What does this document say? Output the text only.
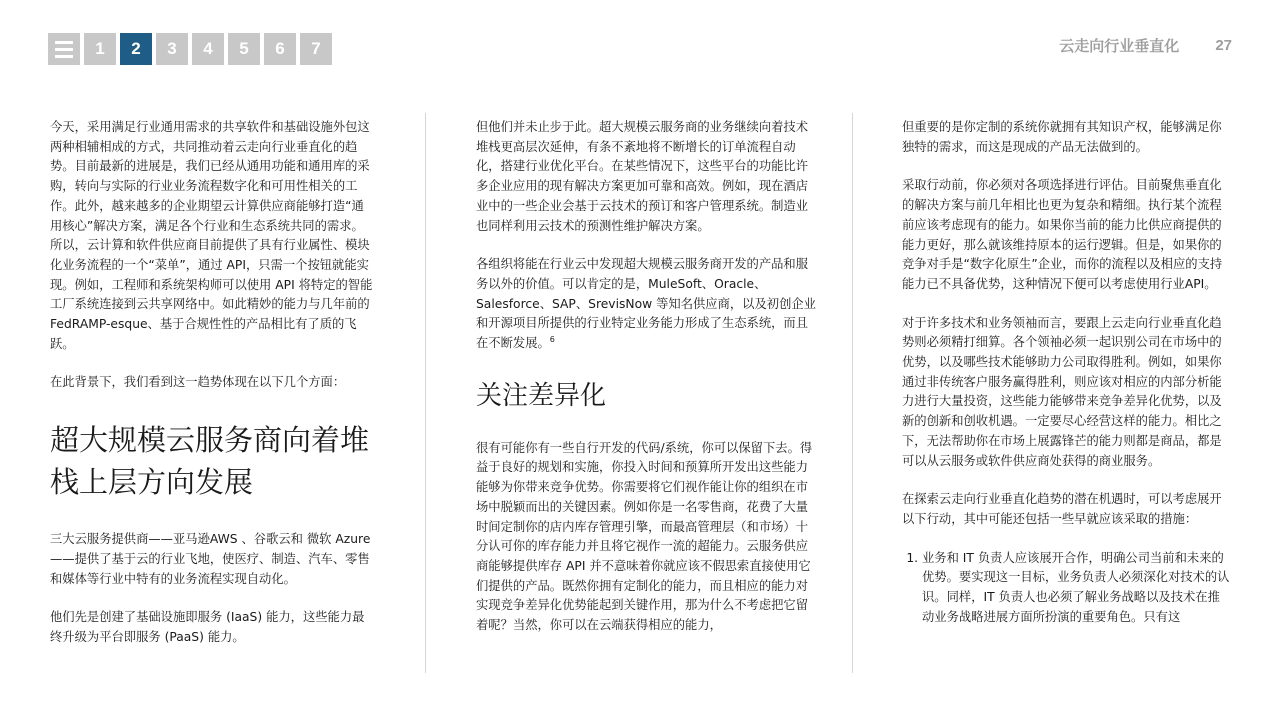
1	2	3	4	5	6	7	云走向行业垂直化 27

今天，采用满足行业通用需求的共享软件和基础设施外包这两种相辅相成的方式，共同推动着云走向行业垂直化的趋势。目前最新的进展是，我们已经从通用功能和通用库的采购，转向与实际的行业业务流程数字化和可用性相关的工作。此外，越来越多的企业期望云计算供应商能够打造“通用核心”解决方案，满足各个行业和生态系统共同的需求。所以，云计算和软件供应商目前提供了具有行业属性、模块化业务流程的一个“菜单”，通过 API，只需一个按钮就能实现。例如，工程师和系统架构师可以使用 API 将特定的智能工厂系统连接到云共享网络中。如此精妙的能力与几年前的FedRAMP-esque、基于合规性性的产品相比有了质的飞跃。

在此背景下，我们看到这一趋势体现在以下几个方面：

超大规模云服务商向着堆栈上层方向发展

三大云服务提供商——亚马逊AWS 、谷歌云和 微软 Azure——提供了基于云的行业飞地，使医疗、制造、汽车、零售和媒体等行业中特有的业务流程实现自动化。

他们先是创建了基础设施即服务 (IaaS) 能力，这些能力最终升级为平台即服务 (PaaS) 能力。

但他们并未止步于此。超大规模云服务商的业务继续向着技术堆栈更高层次延伸，有条不紊地将不断增长的订单流程自动化，搭建行业优化平台。在某些情况下，这些平台的功能比许多企业应用的现有解决方案更加可靠和高效。例如，现在酒店业中的一些企业会基于云技术的预订和客户管理系统。制造业也同样利用云技术的预测性维护解决方案。

各组织将能在行业云中发现超大规模云服务商开发的产品和服务以外的价值。可以肯定的是，MuleSoft、Oracle、Salesforce、SAP、SrevisNow 等知名供应商，以及初创企业和开源项目所提供的行业特定业务能力形成了生态系统，而且在不断发展。$^6$

关注差异化

很有可能你有一些自行开发的代码/系统，你可以保留下去。得益于良好的规划和实施，你投入时间和预算所开发出这些能力能够为你带来竞争优势。你需要将它们视作能让你的组织在市场中脱颖而出的关键因素。例如你是一名零售商，花费了大量时间定制你的店内库存管理引擎，而最高管理层（和市场）十分认可你的库存能力并且将它视作一流的超能力。云服务供应商能够提供库存 API 并不意味着你就应该不假思索直接使用它们提供的产品。既然你拥有定制化的能力，而且相应的能力对实现竞争差异化优势能起到关键作用，那为什么不考虑把它留着呢？当然，你可以在云端获得相应的能力，

但重要的是你定制的系统你就拥有其知识产权，能够满足你独特的需求，而这是现成的产品无法做到的。

采取行动前，你必须对各项选择进行评估。目前聚焦垂直化的解决方案与前几年相比也更为复杂和精细。执行某个流程前应该考虑现有的能力。如果你当前的能力比供应商提供的能力更好，那么就该维持原本的运行逻辑。但是，如果你的竞争对手是“数字化原生”企业，而你的流程以及相应的支持能力已不具备优势，这种情况下便可以考虑使用行业API。

对于许多技术和业务领袖而言，要跟上云走向行业垂直化趋势则必须精打细算。各个领袖必须一起识别公司在市场中的优势，以及哪些技术能够助力公司取得胜利。例如，如果你通过非传统客户服务赢得胜利，则应该对相应的内部分析能力进行大量投资，这些能力能够带来竞争差异化优势，以及新的创新和创收机遇。一定要尽心经营这样的能力。相比之下，无法帮助你在市场上展露锋芒的能力则都是商品，都是可以从云服务或软件供应商处获得的商业服务。

在探索云走向行业垂直化趋势的潜在机遇时，可以考虑展开以下行动，其中可能还包括一些早就应该采取的措施：

1. 业务和 IT 负责人应该展开合作，明确公司当前和未来的优势。要实现这一目标，业务负责人必须深化对技术的认识。同样，IT 负责人也必须了解业务战略以及技术在推动业务战略进展方面所扮演的重要角色。只有这
